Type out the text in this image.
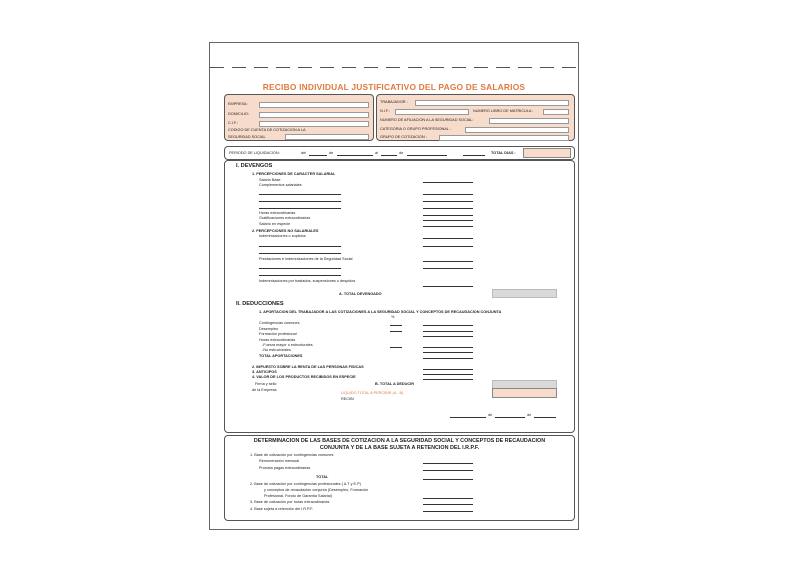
RECIBO INDIVIDUAL JUSTIFICATIVO DEL PAGO DE SALARIOS
EMPRESA :
DOMICILIO:
C.I.F.:
CODIGO DE CUENTA DE COTIZACION A LA
SEGURIDAD SOCIAL
TRABAJADOR :
N.I.F.:	NUMERO LIBRO DE MATRICULA :
NUMERO DE AFILIACION A LA SEGURIDAD SOCIAL:
CATEGORIA O GRUPO PROFESIONAL :
GRUPO DE COTIZACION :
PERIODO DE LIQUIDACION:	del	de	al	de	TOTAL DIAS :
I. DEVENGOS
1. PERCEPCIONES DE CARACTER SALARIAL
Salario Base
Complementos salariales
Horas extraordinarias
Gratificaciones extraordinarias
Salario en especie
2. PERCEPCIONES NO SALARIALES
Indemnizaciones o suplidos
Prestaciones e indemnizaciones de la Seguridad Social
Indemnizaciones por traslados, suspensiones o despidos
A. TOTAL DEVENGADO
II. DEDUCCIONES
1. APORTACION DEL TRABAJADOR A LAS COTIZACIONES A LA SEGURIDAD SOCIAL Y CONCEPTOS DE RECAUDACION CONJUNTA
%
Contingencias comunes
Desempleo
Formación profesional
Horas extraordinarias
-Fuerza mayor o estructurales
-No estructurales
TOTAL APORTACIONES
2. IMPUESTO SOBRE LA RENTA DE LAS PERSONAS FISICAS
3. ANTICIPOS
4. VALOR DE LOS PRODUCTOS RECIBIDOS EN ESPECIE
Firma y sello
de la Empresa
B. TOTAL A DEDUCIR
LIQUIDO TOTAL A PERCIBIR (A - B)
RECIBI
de	de
DETERMINACION DE LAS BASES DE COTIZACION A LA SEGURIDAD SOCIAL Y CONCEPTOS DE RECAUDACION
CONJUNTA Y DE LA BASE SUJETA A RETENCION DEL I.R.P.F.
1. Base de cotización por contingencias comunes
Remuneración mensual
Prorrata pagas extraordinarias
TOTAL
2. Base de cotización por contingencias profesionales ( A.T y E.P)
y conceptos de recaudación conjunta (Desempleo, Formación
Profesional, Fondo de Garantía Salarial)
3. Base de cotización por horas extraordinarias
4. Base sujeta a retención del I.R.P.F.
